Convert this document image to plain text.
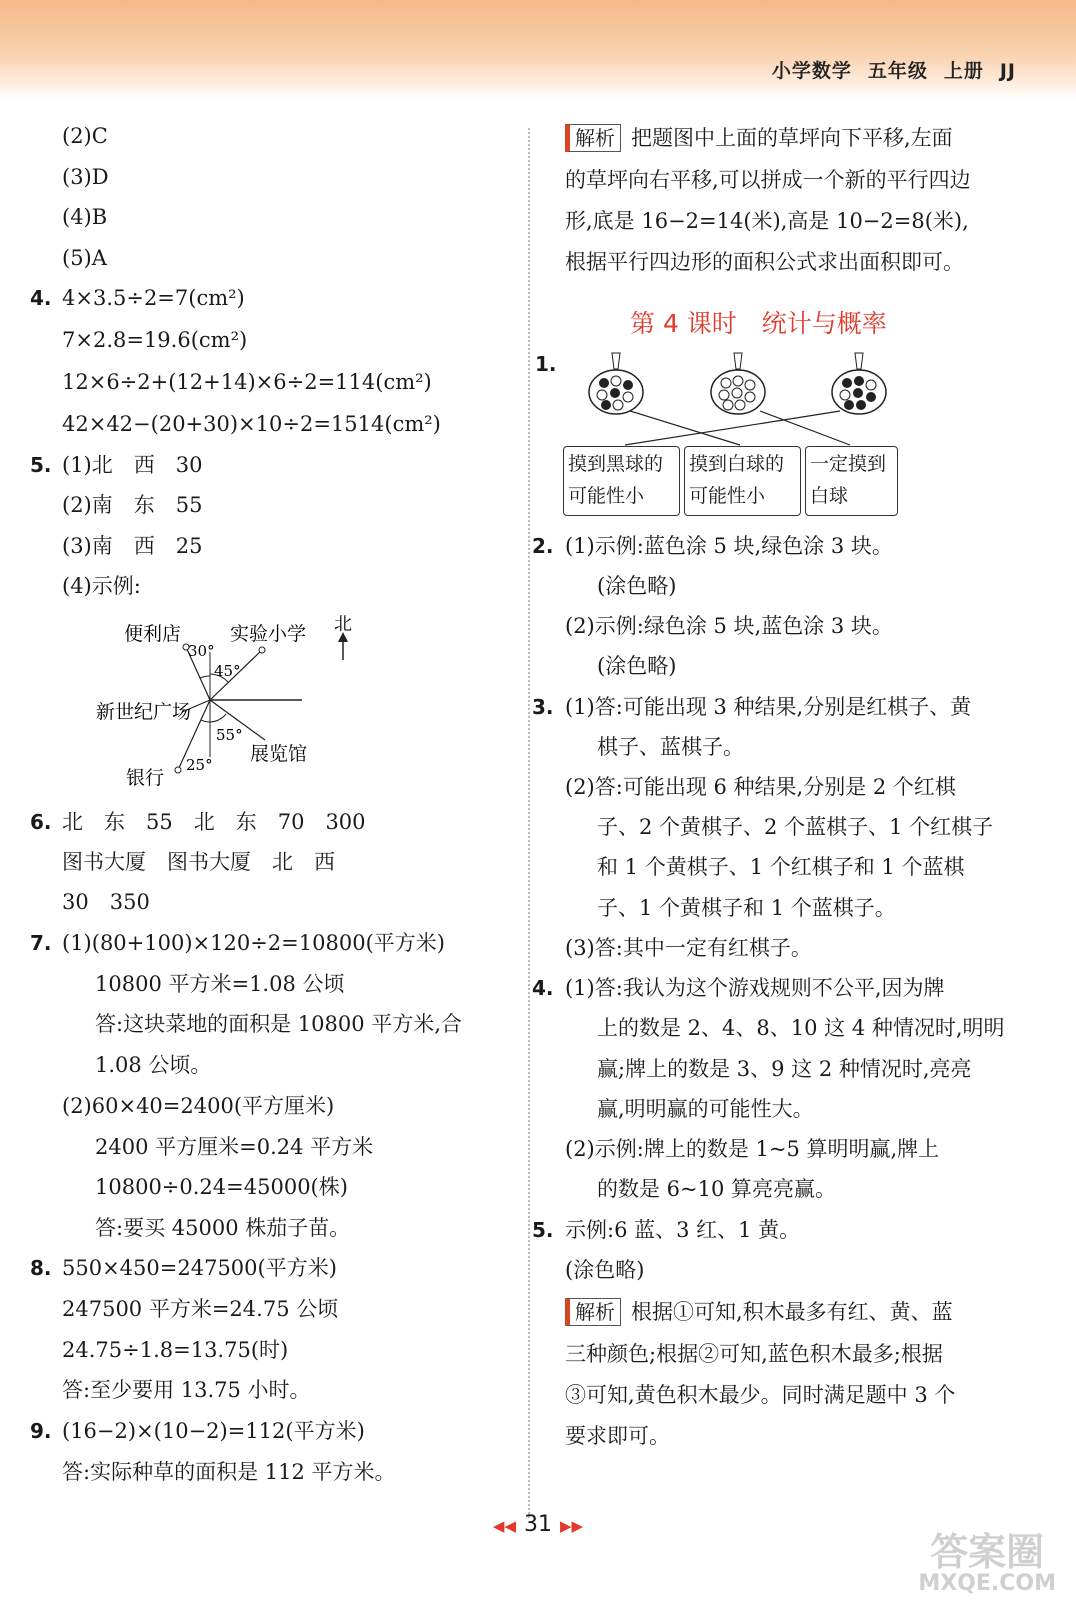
小学数学 五年级 上册 JJ
(2)C
(3)D
(4)B
(5)A
4. 4×3.5÷2=7(cm²)
7×2.8=19.6(cm²)
12×6÷2+(12+14)×6÷2=114(cm²)
42×42−(20+30)×10÷2=1514(cm²)
5. (1)北　西　30
(2)南　东　55
(3)南　西　25
(4)示例:
便利店	实验小学 北
新世纪广场
展览馆
银行
30°
45°
55°
25°
6. 北　东　55　北　东　70　300
图书大厦　图书大厦　北　西
30　350
7. (1)(80+100)×120÷2=10800(平方米)
10800 平方米=1.08 公顷
答:这块菜地的面积是 10800 平方米,合
1.08 公顷。
(2)60×40=2400(平方厘米)
2400 平方厘米=0.24 平方米
10800÷0.24=45000(株)
答:要买 45000 株茄子苗。
8. 550×450=247500(平方米)
247500 平方米=24.75 公顷
24.75÷1.8=13.75(时)
答:至少要用 13.75 小时。
9. (16−2)×(10−2)=112(平方米)
答:实际种草的面积是 112 平方米。
解析 把题图中上面的草坪向下平移,左面
的草坪向右平移,可以拼成一个新的平行四边
形,底是 16−2=14(米),高是 10−2=8(米),
根据平行四边形的面积公式求出面积即可。
第 4 课时　统计与概率
1.
摸到黑球的
可能性小
摸到白球的
可能性小
一定摸到
白球
2. (1)示例:蓝色涂 5 块,绿色涂 3 块。
(涂色略)
(2)示例:绿色涂 5 块,蓝色涂 3 块。
(涂色略)
3. (1)答:可能出现 3 种结果,分别是红棋子、黄
棋子、蓝棋子。
(2)答:可能出现 6 种结果,分别是 2 个红棋
子、2 个黄棋子、2 个蓝棋子、1 个红棋子
和 1 个黄棋子、1 个红棋子和 1 个蓝棋
子、1 个黄棋子和 1 个蓝棋子。
(3)答:其中一定有红棋子。
4. (1)答:我认为这个游戏规则不公平,因为牌
上的数是 2、4、8、10 这 4 种情况时,明明
赢;牌上的数是 3、9 这 2 种情况时,亮亮
赢,明明赢的可能性大。
(2)示例:牌上的数是 1~5 算明明赢,牌上
的数是 6~10 算亮亮赢。
5. 示例:6 蓝、3 红、1 黄。
(涂色略)
解析 根据①可知,积木最多有红、黄、蓝
三种颜色;根据②可知,蓝色积木最多;根据
③可知,黄色积木最少。同时满足题中 3 个
要求即可。
◀◀ 31 ▶▶
答案圈
MXQE.COM
